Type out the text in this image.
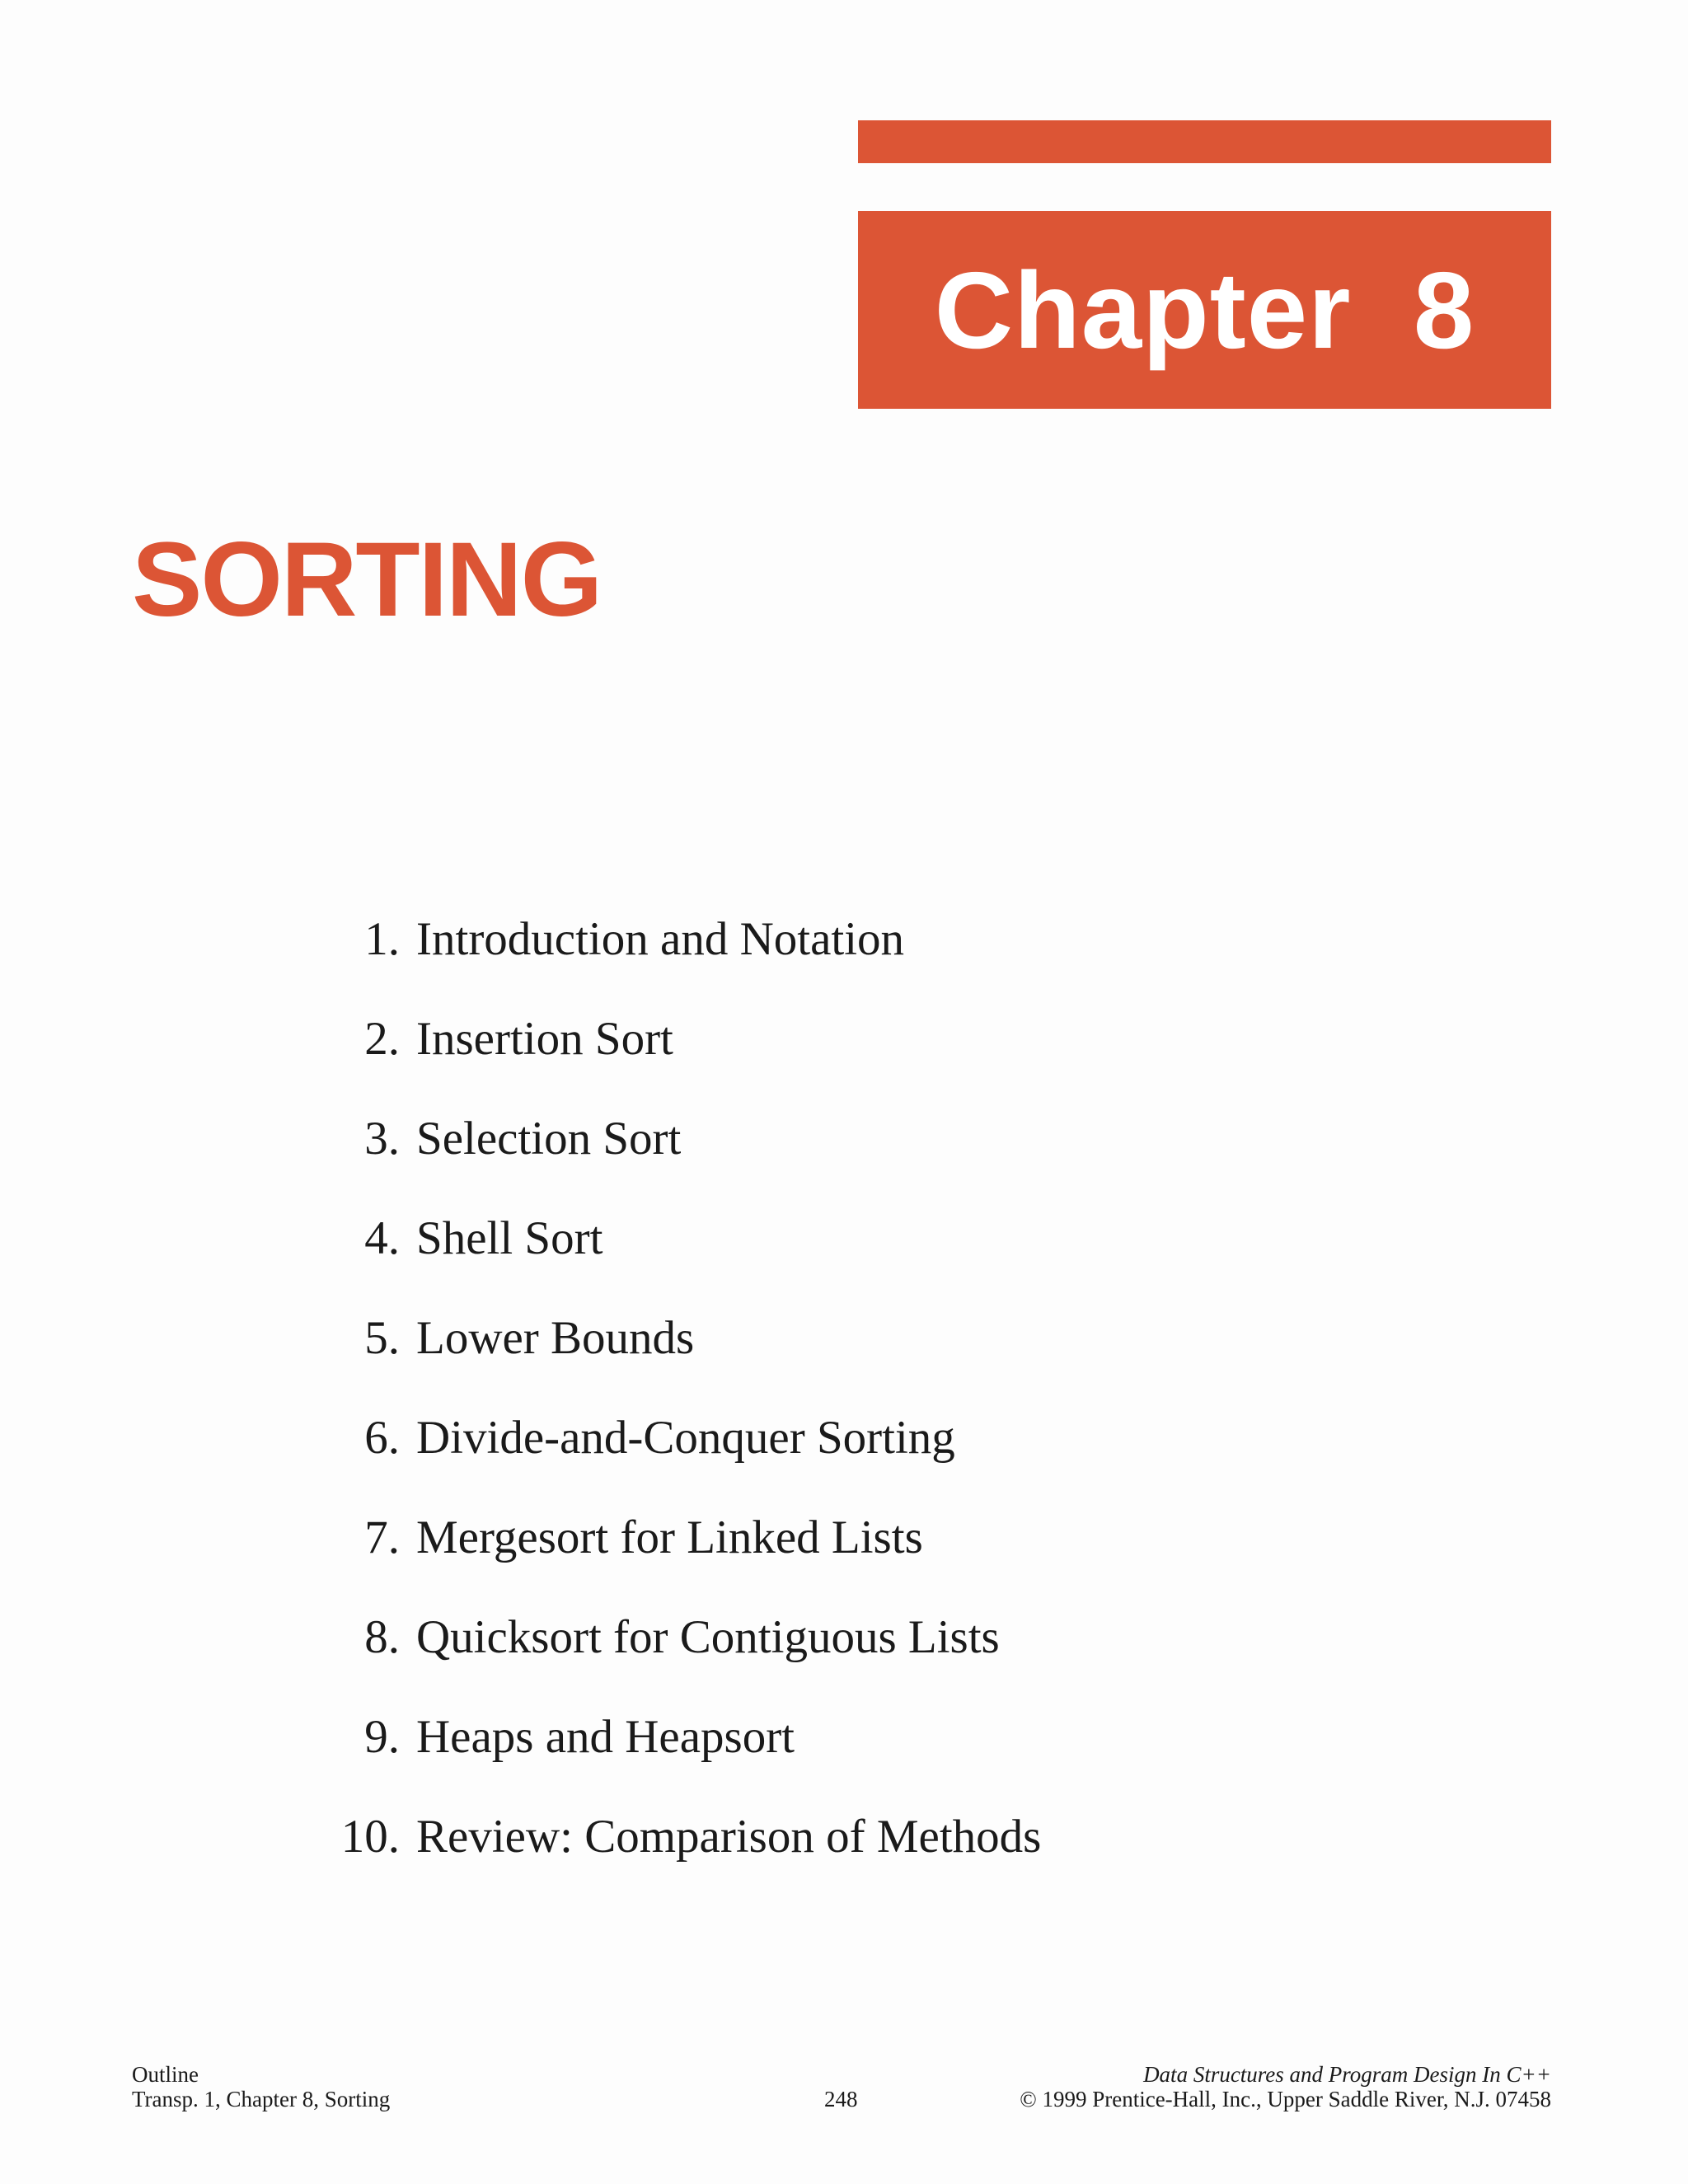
Chapter  8
SORTING
1. Introduction and Notation
2. Insertion Sort
3. Selection Sort
4. Shell Sort
5. Lower Bounds
6. Divide-and-Conquer Sorting
7. Mergesort for Linked Lists
8. Quicksort for Contiguous Lists
9. Heaps and Heapsort
10. Review: Comparison of Methods
Outline
Transp. 1, Chapter 8, Sorting	248
Data Structures and Program Design In C++
© 1999 Prentice-Hall, Inc., Upper Saddle River, N.J. 07458
